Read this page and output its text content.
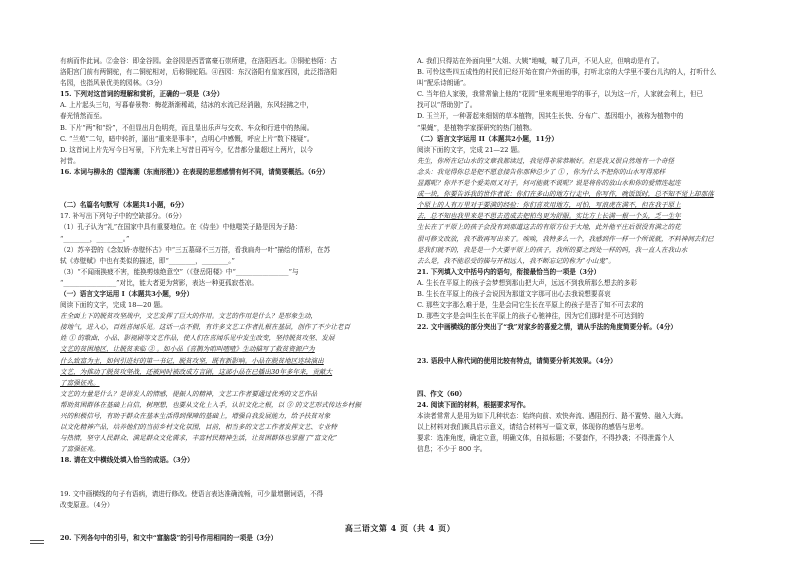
有病而作此词。②金谷：即金谷园。金谷园是西晋富豪石崇所建，在洛阳西北。③铜驼巷陌：古

洛阳宫门前有两铜驼，有二铜驼相对，后称铜驼陌。④西园：东汉洛阳有皇家西园，此泛指洛阳

名园，也指风景优美的园林。（3分）

15. 下列对这首词的理解和赏析，正确的一项是（3分）

A. 上片起头三句，写暮春景物：梅花渐渐稀疏，结冰的水流已经消融，东风轻拂之中，

春光悄然而至。

B. 下片“两”和“纷”，不但显出月色明亮，而且显出乐声与交欢、车众和行进中的热闹。

C. “兰苑”二句，暗中转折，逼出“重来是事非”，点明心中感慨，呼应上片“数下楼疑”。

D. 这首词上片先写今日写景，下片先来上写昔日再写今，忆昔都分量超过上两片，以今

衬昔。

16. 本词与柳永的《望海潮（东南形胜）》在表现的思想感情有何不同，请简要概括。（6分）

（二）名篇名句默写（本题共1小题，6分）

17. 补写出下列句子中的空缺部分。（6分）

（1）孔子认为“礼”在国家中具有重要地位。在《侍坐》中他嗤笑子路是因为子路：

“________，________。”

（2）苏辛碧的《念奴娇·赤壁怀古》中“三五墓碌不三万搭，看我扁舟一叶”描绘的情形，在苏

轼《赤壁赋》中也有类似的描述，即“________，________。”

（3）“不闻雨换疲不害，能换剪烛绝意空”（《登岳阳楼》中“________________”与

“________________”对比，能大者更为营影，表达一种更孤寂苍凉。

（一）语言文字运用 I（本题共3小题，9分）

阅读下面的文字，完成 18—20 题。

在全面上下的脱贫攻坚战中，文艺发挥了巨大的作用。文艺的作用是什么？是形象生动，

接地气，进入心，百姓喜闻乐见。这话一点不假，有许多文艺工作者扎根在基层，创作了不少让老百

姓 ① 的歌曲、小品、影视剧等文艺作品，使人们在喜闻乐见中发生改变，坚持脱贫攻坚、发展

文艺的贫困地区，让脱贫来临 ② 。如小品《喜鹊为咱叫喳喳》生动描写了救贫资源户为

什么致富为主，如何引进好的第一书记，脱贫攻坚，既有新影响。小品在脱贫地区连续演出

文艺，为推动了脱贫攻坚战，还被同时被改成方言剧，这部小品在已播出30年多年来，贡献大

了富强征兆。

文艺的力量是什么？是讲发人的情感，提振人的精神，文艺工作者要通过优秀的文艺作品

帮助贫困群体在基础上自信，树理想，也要从文化上入手，认识文化之根，以 ③ 的文艺形式传达乡村振

兴的积极信号，有助于群众在基本生活得到保障的基础上，增强自我发展能力，给予扶贫对象

以文化精神产品，培养他们的当前乡村文化氛围，目前，相当多的文艺工作者发挥文艺、专业特

与热情，坚守人民群众、满足群众文化需求，丰富村民精神生活，让贫困群体也掌握了“富文化”

了富强征兆。

18. 请在文中横线处填入恰当的成语。（3分）

19. 文中画横线的句子有语病，请进行修改。使语言表达准确流畅，可少量增删词语，不得

改变原意。（4分）

20. 下列各句中的引号，和文中“富脑袋”的引号作用相同的一项是（3分）

A. 我们只得站在外面向里“大姐、大姨”地喊，喊了几声，不见人应，但响动是有了。

B. 可怜这些四五成性的村民们已经开始在窗户外面的事，打听北京的大学里不要台儿沟的人，打听什么

叫“配乐诗朗诵”。

C. 当年伯人家骏，我常常偷上他的“花园”里来观里地学的事子，以为这一斤，人家就会利上，但已

找可以“帮助别”了。

D. 玉兰开，一种著起来细韧的草本植物，因其生长快、分布广、基因组小，被称为植物中的

“果蝇”，是植物学家探研究的热门植物。

（二）语言文字运用 II（本题共2小题，11分）

阅读下面的文字，完成 21—22 题。

先生，你所在记山水的文章我都读过，我觉得非常恭顺好。但是我又很自然地有一个奇怪

念头：我觉得你总是把不愿意接告你那种总少了 ① ，你为什么不把你的山水写得那样

显露呢？你并不是个爱美而又对于，何可能就不说呢？说是将你的放山水和你的爱情连起连

成一块，你要告诉我的世作者说：你们在多山的地方行走中，你写作，晚饭饭时，总不知不觉上却那落

个原上的人有万里对于要满的经验：你们喜欢用地方，可怕，写浪虎在满不，但在我于原上

去，总不知也我里来是不思去造成去把拍鸟更为舒服。实比方上长满一根一个头，乏一生年

生长在了平原上的孩子会没有到那道这去的有原方位于大地，此外他平庄后很没有满之的花

很可修文改放，我不敢再写出来了。唉唉，我特多么一个，我感到作一样一个所说就，不料神间去们已

是我们就不的，我是是一个大要平原上的孩子，我所的要之到处一样的吗，我一直人在我山水

去么是，我不能忍受的描与开相远人，我不断忘记的称为“小山鬼”。

21. 下列填入文中括号内的语句，衔接最恰当的一项是（3分）

A. 生长在平原上的孩子会梦想到那山把大声，远远不到我所那么想去的多彩

B. 生长在平原上的孩子会说因为那道文字那可出心去我说想要喜哀

C. 那些文字那么难于是，生是会同它生长在平原上的孩子是否了知不可去求的

D. 那些文字是会叫生长在平原上的孩子心驰神往，因为它们那时是不可达到的

22. 文中画横线的部分突出了“我”对家乡的喜爱之情，请从手法的角度简要分析。（4分）

23. 语段中人称代词的使用比较有特点，请简要分析其效果。（4分）

四、作文（60）

24. 阅读下面的材料，根据要求写作。

本读者常常人是用为如下几种状态：始终向前、欢快奔流、遇阻拐行、路不置势、融入大海。

以上材料对我们颇具启示意义，请结合材料写一篇文章，体现你的感悟与思考。

要求：选准角度，确定立意，明确文体，自拟标题；不要套作，不得抄袭；不得泄露个人

信息；不少于 800 字。

高三语文第 4 页（共 4 页）
